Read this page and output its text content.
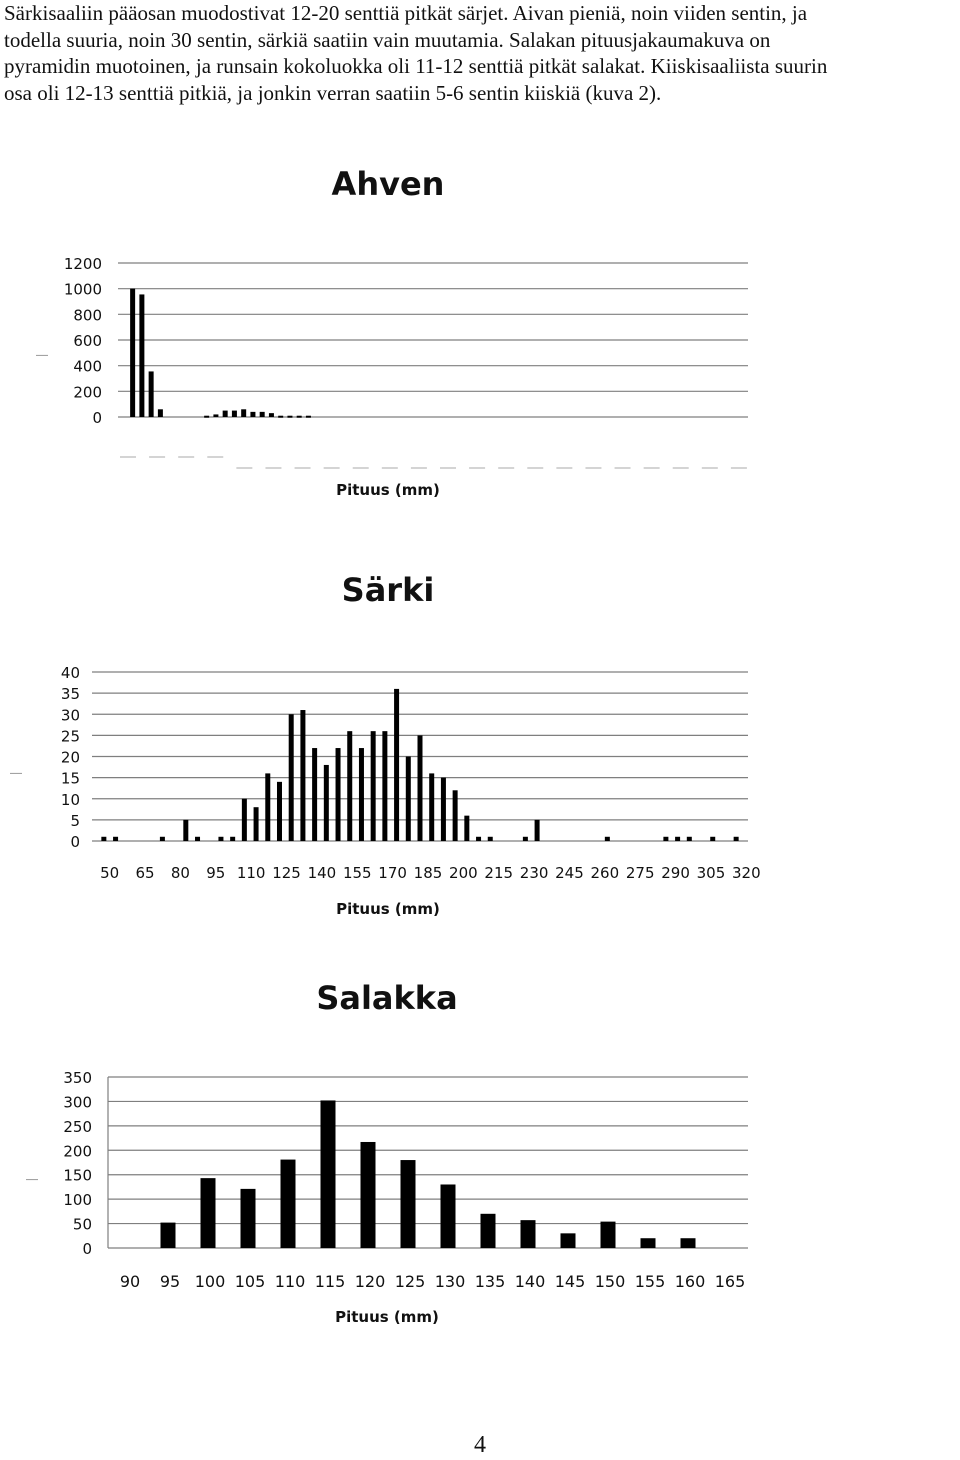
Särkisaaliin pääosan muodostivat 12-20 senttiä pitkät särjet. Aivan pieniä, noin viiden sentin, ja
todella suuria, noin 30 sentin, särkiä saatiin vain muutamia. Salakan pituusjakaumakuva on
pyramidin muotoinen, ja runsain kokoluokka oli 11-12 senttiä pitkät salakat. Kiiskisaaliista suurin
osa oli 12-13 senttiä pitkiä, ja jonkin verran saatiin 5-6 sentin kiiskiä (kuva 2).
Ahven
0
200
400
600
800
1000
1200
Pituus (mm)
Särki
0
5
10
15
20
25
30
35
40
50 65 80 95 110 125 140 155 170 185 200 215 230 245 260 275 290 305 320
Pituus (mm)
Salakka
0
50
100
150
200
250
300
350
90 95 100 105 110 115 120 125 130 135 140 145 150 155 160 165
Pituus (mm)
4
